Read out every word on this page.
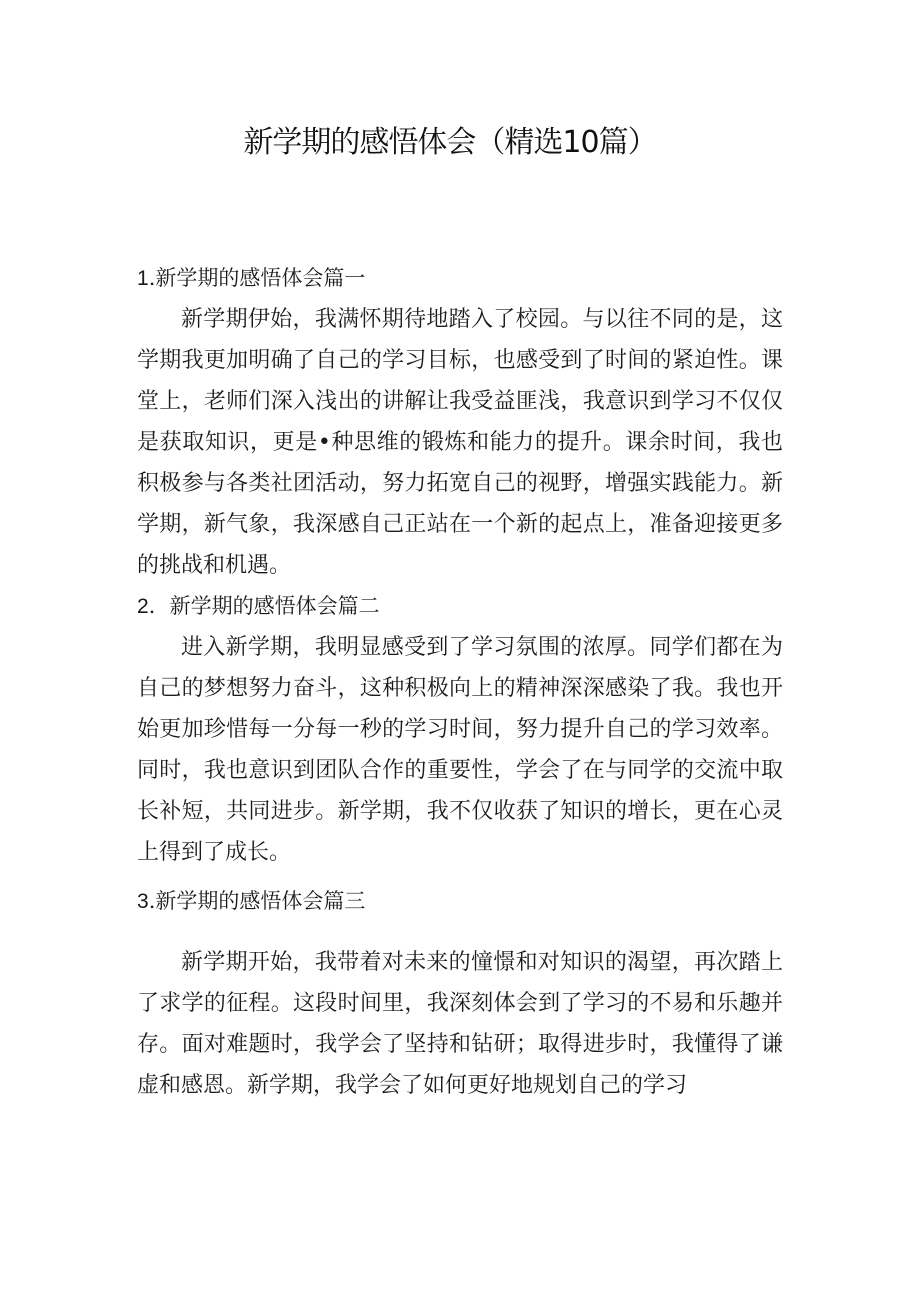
新学期的感悟体会（精选10篇）
1.新学期的感悟体会篇一

新学期伊始，我满怀期待地踏入了校园。与以往不同的是，这学期我更加明确了自己的学习目标，也感受到了时间的紧迫性。课堂上，老师们深入浅出的讲解让我受益匪浅，我意识到学习不仅仅是获取知识，更是•种思维的锻炼和能力的提升。课余时间，我也积极参与各类社团活动，努力拓宽自己的视野，增强实践能力。新学期，新气象，我深感自己正站在一个新的起点上，准备迎接更多的挑战和机遇。

2．新学期的感悟体会篇二

进入新学期，我明显感受到了学习氛围的浓厚。同学们都在为自己的梦想努力奋斗，这种积极向上的精神深深感染了我。我也开始更加珍惜每一分每一秒的学习时间，努力提升自己的学习效率。同时，我也意识到团队合作的重要性，学会了在与同学的交流中取长补短，共同进步。新学期，我不仅收获了知识的增长，更在心灵上得到了成长。

3.新学期的感悟体会篇三

新学期开始，我带着对未来的憧憬和对知识的渴望，再次踏上了求学的征程。这段时间里，我深刻体会到了学习的不易和乐趣并存。面对难题时，我学会了坚持和钻研；取得进步时，我懂得了谦虚和感恩。新学期，我学会了如何更好地规划自己的学习
